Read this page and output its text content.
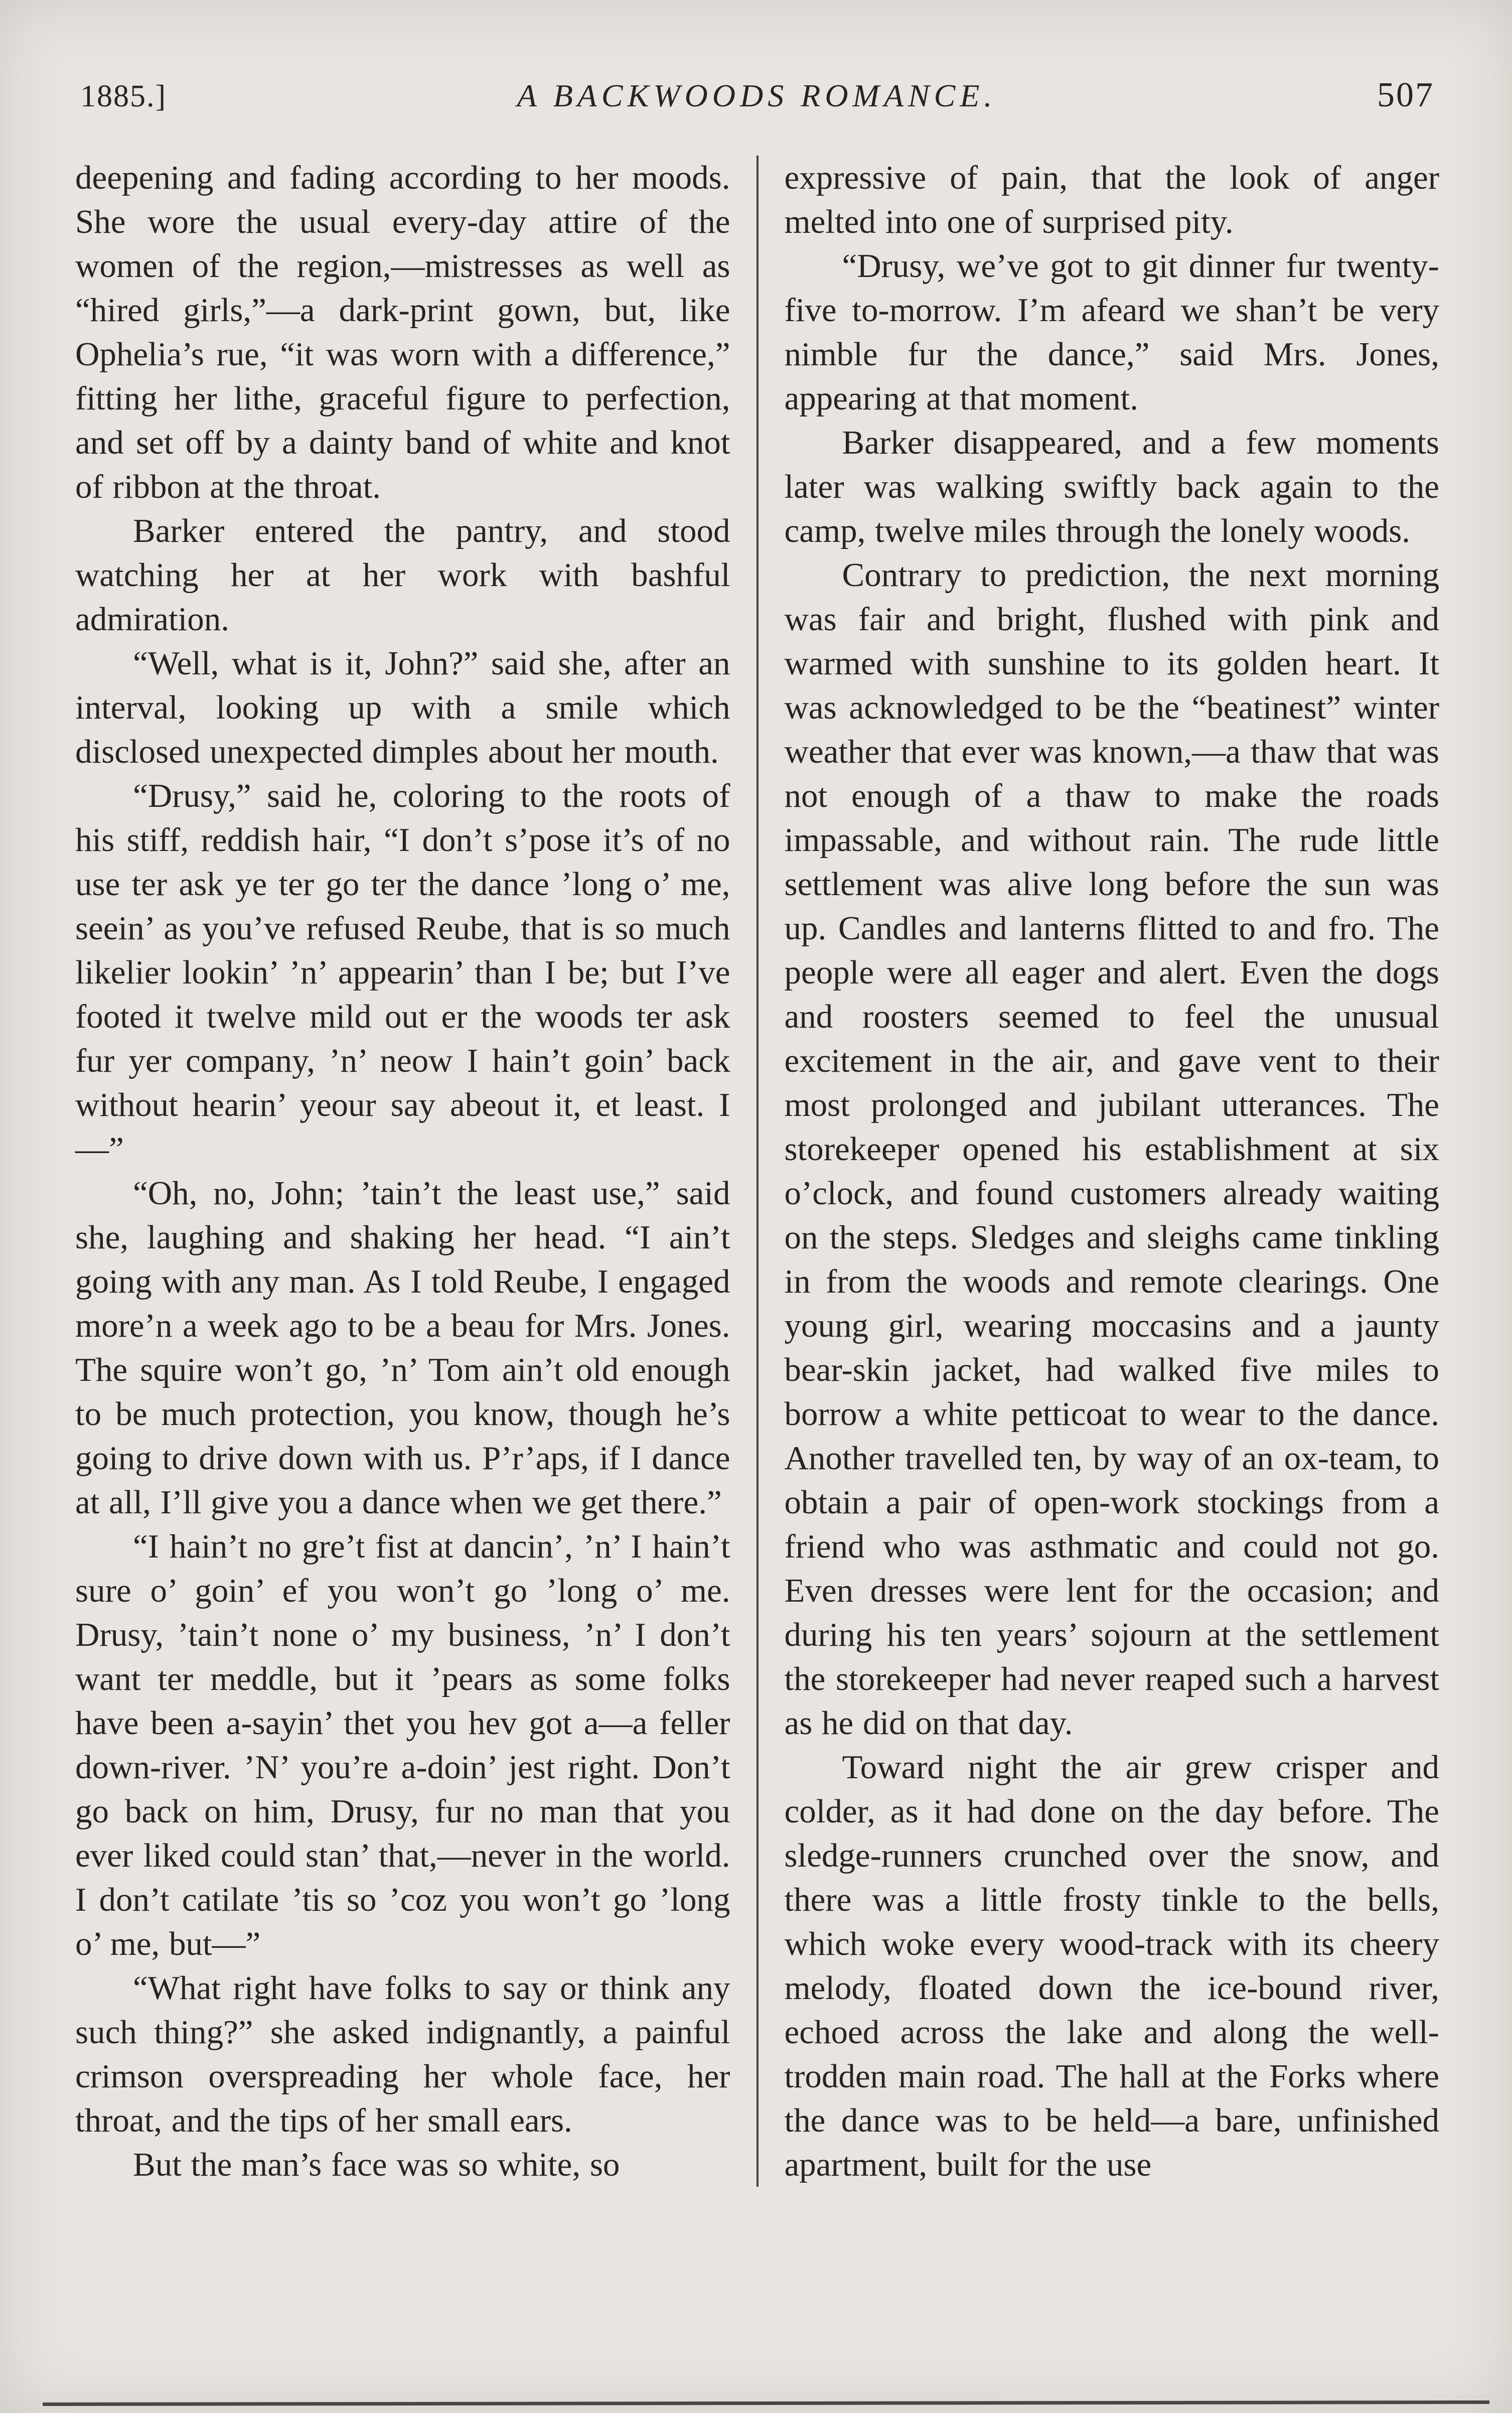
1885.]	A BACKWOODS ROMANCE.	507

deepening and fading according to her moods. She wore the usual every-day attire of the women of the region,—mistresses as well as “hired girls,”—a dark-print gown, but, like Ophelia’s rue, “it was worn with a difference,” fitting her lithe, graceful figure to perfection, and set off by a dainty band of white and knot of ribbon at the throat.

Barker entered the pantry, and stood watching her at her work with bashful admiration.

“Well, what is it, John?” said she, after an interval, looking up with a smile which disclosed unexpected dimples about her mouth.

“Drusy,” said he, coloring to the roots of his stiff, reddish hair, “I don’t s’pose it’s of no use ter ask ye ter go ter the dance ’long o’ me, seein’ as you’ve refused Reube, that is so much likelier lookin’ ’n’ appearin’ than I be; but I’ve footed it twelve mild out er the woods ter ask fur yer company, ’n’ neow I hain’t goin’ back without hearin’ yeour say abeout it, et least. I—”

“Oh, no, John; ’tain’t the least use,” said she, laughing and shaking her head. “I ain’t going with any man. As I told Reube, I engaged more’n a week ago to be a beau for Mrs. Jones. The squire won’t go, ’n’ Tom ain’t old enough to be much protection, you know, though he’s going to drive down with us. P’r’aps, if I dance at all, I’ll give you a dance when we get there.”

“I hain’t no gre’t fist at dancin’, ’n’ I hain’t sure o’ goin’ ef you won’t go ’long o’ me. Drusy, ’tain’t none o’ my business, ’n’ I don’t want ter meddle, but it ’pears as some folks have been a-sayin’ thet you hev got a—a feller down-river. ’N’ you’re a-doin’ jest right. Don’t go back on him, Drusy, fur no man that you ever liked could stan’ that,—never in the world. I don’t catilate ’tis so ’coz you won’t go ’long o’ me, but—”

“What right have folks to say or think any such thing?” she asked indignantly, a painful crimson overspreading her whole face, her throat, and the tips of her small ears.

But the man’s face was so white, so

expressive of pain, that the look of anger melted into one of surprised pity.

“Drusy, we’ve got to git dinner fur twenty-five to-morrow. I’m afeard we shan’t be very nimble fur the dance,” said Mrs. Jones, appearing at that moment.

Barker disappeared, and a few moments later was walking swiftly back again to the camp, twelve miles through the lonely woods.

Contrary to prediction, the next morning was fair and bright, flushed with pink and warmed with sunshine to its golden heart. It was acknowledged to be the “beatinest” winter weather that ever was known,—a thaw that was not enough of a thaw to make the roads impassable, and without rain. The rude little settlement was alive long before the sun was up. Candles and lanterns flitted to and fro. The people were all eager and alert. Even the dogs and roosters seemed to feel the unusual excitement in the air, and gave vent to their most prolonged and jubilant utterances. The storekeeper opened his establishment at six o’clock, and found customers already waiting on the steps. Sledges and sleighs came tinkling in from the woods and remote clearings. One young girl, wearing moccasins and a jaunty bear-skin jacket, had walked five miles to borrow a white petticoat to wear to the dance. Another travelled ten, by way of an ox-team, to obtain a pair of open-work stockings from a friend who was asthmatic and could not go. Even dresses were lent for the occasion; and during his ten years’ sojourn at the settlement the storekeeper had never reaped such a harvest as he did on that day.

Toward night the air grew crisper and colder, as it had done on the day before. The sledge-runners crunched over the snow, and there was a little frosty tinkle to the bells, which woke every wood-track with its cheery melody, floated down the ice-bound river, echoed across the lake and along the well-trodden main road. The hall at the Forks where the dance was to be held—a bare, unfinished apartment, built for the use
